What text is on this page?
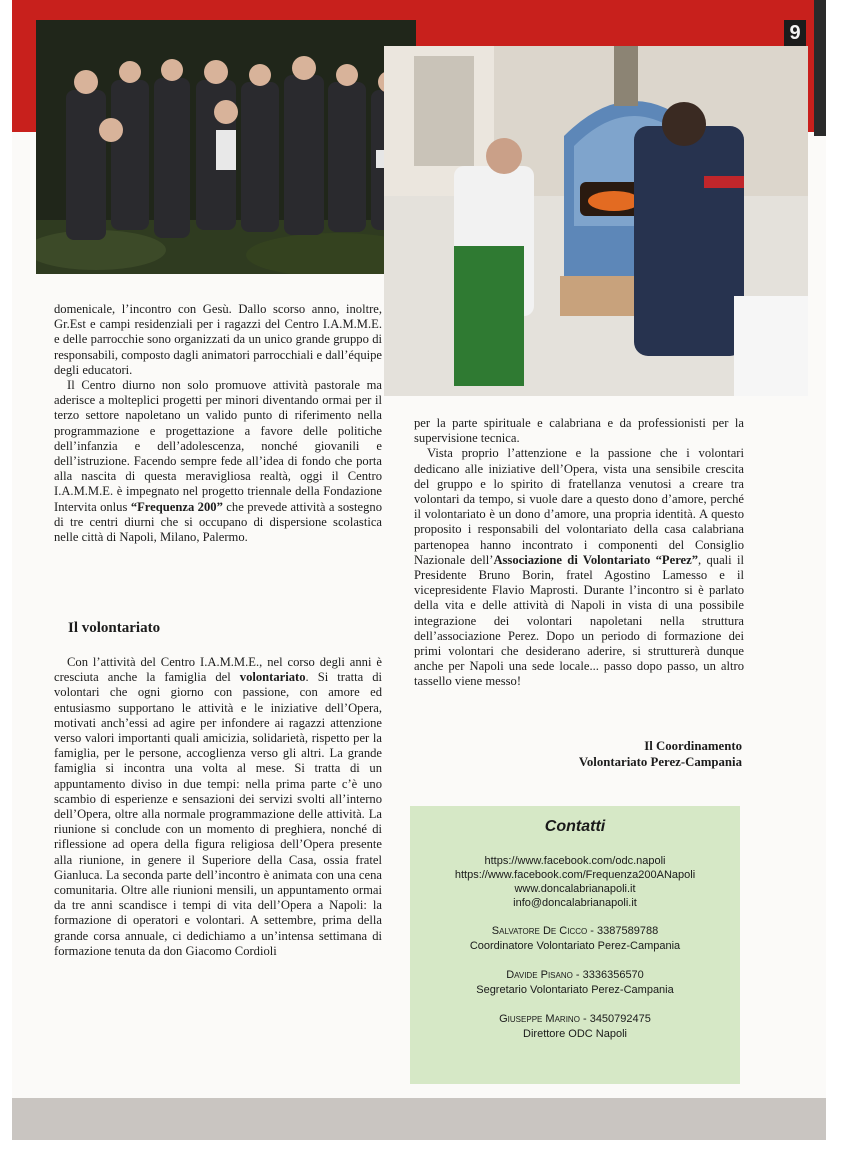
9

domenicale, l’incontro con Gesù. Dallo scorso anno, inoltre, Gr.Est e campi residenziali per i ragazzi del Centro I.A.M.M.E. e delle parrocchie sono organizzati da un unico grande gruppo di responsabili, composto dagli animatori parrocchiali e dall’équipe degli educatori.

Il Centro diurno non solo promuove attività pastorale ma aderisce a molteplici progetti per minori diventando ormai per il terzo settore napoletano un valido punto di riferimento nella programmazione e progettazione a favore delle politiche dell’infanzia e dell’adolescenza, nonché giovanili e dell’istruzione. Facendo sempre fede all’idea di fondo che porta alla nascita di questa meravigliosa realtà, oggi il Centro I.A.M.M.E. è impegnato nel progetto triennale della Fondazione Intervita onlus “Frequenza 200” che prevede attività a sostegno di tre centri diurni che si occupano di dispersione scolastica nelle città di Napoli, Milano, Palermo.

Il volontariato

Con l’attività del Centro I.A.M.M.E., nel corso degli anni è cresciuta anche la famiglia del volontariato. Si tratta di volontari che ogni giorno con passione, con amore ed entusiasmo supportano le attività e le iniziative dell’Opera, motivati anch’essi ad agire per infondere ai ragazzi attenzione verso valori importanti quali amicizia, solidarietà, rispetto per la famiglia, per le persone, accoglienza verso gli altri. La grande famiglia si incontra una volta al mese. Si tratta di un appuntamento diviso in due tempi: nella prima parte c’è uno scambio di esperienze e sensazioni dei servizi svolti all’interno dell’Opera, oltre alla normale programmazione delle attività. La riunione si conclude con un momento di preghiera, nonché di riflessione ad opera della figura religiosa dell’Opera presente alla riunione, in genere il Superiore della Casa, ossia fratel Gianluca. La seconda parte dell’incontro è animata con una cena comunitaria. Oltre alle riunioni mensili, un appuntamento ormai da tre anni scandisce i tempi di vita dell’Opera a Napoli: la formazione di operatori e volontari. A settembre, prima della grande corsa annuale, ci dedichiamo a un’intensa settimana di formazione tenuta da don Giacomo Cordioli

per la parte spirituale e calabriana e da professionisti per la supervisione tecnica.

Vista proprio l’attenzione e la passione che i volontari dedicano alle iniziative dell’Opera, vista una sensibile crescita del gruppo e lo spirito di fratellanza venutosi a creare tra volontari da tempo, si vuole dare a questo dono d’amore, perché il volontariato è un dono d’amore, una propria identità. A questo proposito i responsabili del volontariato della casa calabriana partenopea hanno incontrato i componenti del Consiglio Nazionale dell’Associazione di Volontariato “Perez”, quali il Presidente Bruno Borin, fratel Agostino Lamesso e il vicepresidente Flavio Maprosti. Durante l’incontro si è parlato della vita e delle attività di Napoli in vista di una possibile integrazione dei volontari napoletani nella struttura dell’associazione Perez. Dopo un periodo di formazione dei primi volontari che desiderano aderire, si strutturerà dunque anche per Napoli una sede locale... passo dopo passo, un altro tassello viene messo!

Il Coordinamento
Volontariato Perez-Campania
Contatti
https://www.facebook.com/odc.napoli
https://www.facebook.com/Frequenza200ANapoli
www.doncalabrianapoli.it
info@doncalabrianapoli.it
Salvatore De Cicco - 3387589788
Coordinatore Volontariato Perez-Campania
Davide Pisano - 3336356570
Segretario Volontariato Perez-Campania
Giuseppe Marino - 3450792475
Direttore ODC Napoli
